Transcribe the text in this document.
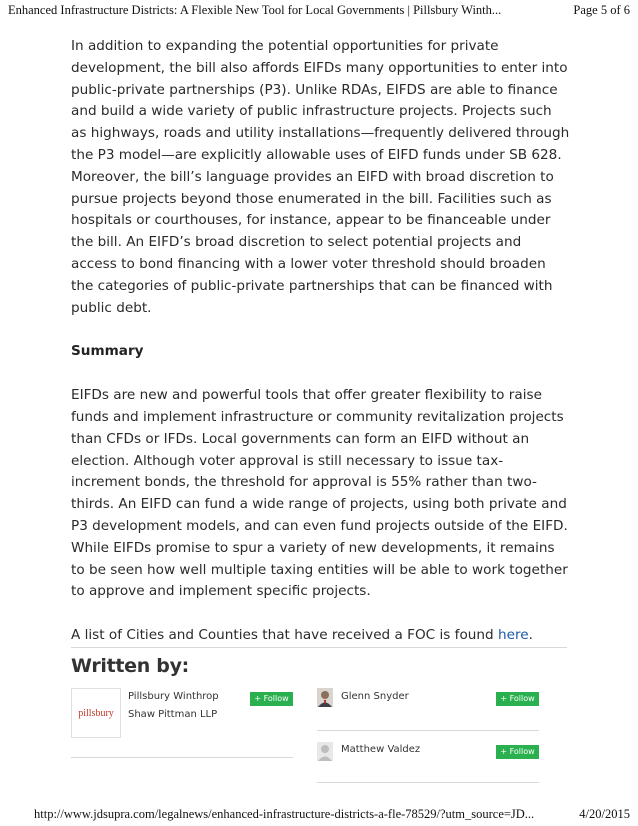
Enhanced Infrastructure Districts: A Flexible New Tool for Local Governments | Pillsbury Winth...	Page 5 of 6

In addition to expanding the potential opportunities for private development, the bill also affords EIFDs many opportunities to enter into public-private partnerships (P3). Unlike RDAs, EIFDS are able to finance and build a wide variety of public infrastructure projects. Projects such as highways, roads and utility installations—frequently delivered through the P3 model—are explicitly allowable uses of EIFD funds under SB 628. Moreover, the bill’s language provides an EIFD with broad discretion to pursue projects beyond those enumerated in the bill. Facilities such as hospitals or courthouses, for instance, appear to be financeable under the bill. An EIFD’s broad discretion to select potential projects and access to bond financing with a lower voter threshold should broaden the categories of public-private partnerships that can be financed with public debt.

Summary

EIFDs are new and powerful tools that offer greater flexibility to raise funds and implement infrastructure or community revitalization projects than CFDs or IFDs. Local governments can form an EIFD without an election. Although voter approval is still necessary to issue tax-increment bonds, the threshold for approval is 55% rather than two-thirds. An EIFD can fund a wide range of projects, using both private and P3 development models, and can even fund projects outside of the EIFD. While EIFDs promise to spur a variety of new developments, it remains to be seen how well multiple taxing entities will be able to work together to approve and implement specific projects.

A list of Cities and Counties that have received a FOC is found here.

Written by:
pillsbury
Pillsbury Winthrop Shaw Pittman LLP
+ Follow	Glenn Snyder	+ Follow
Matthew Valdez	+ Follow
http://www.jdsupra.com/legalnews/enhanced-infrastructure-districts-a-fle-78529/?utm_source=JD...	4/20/2015
